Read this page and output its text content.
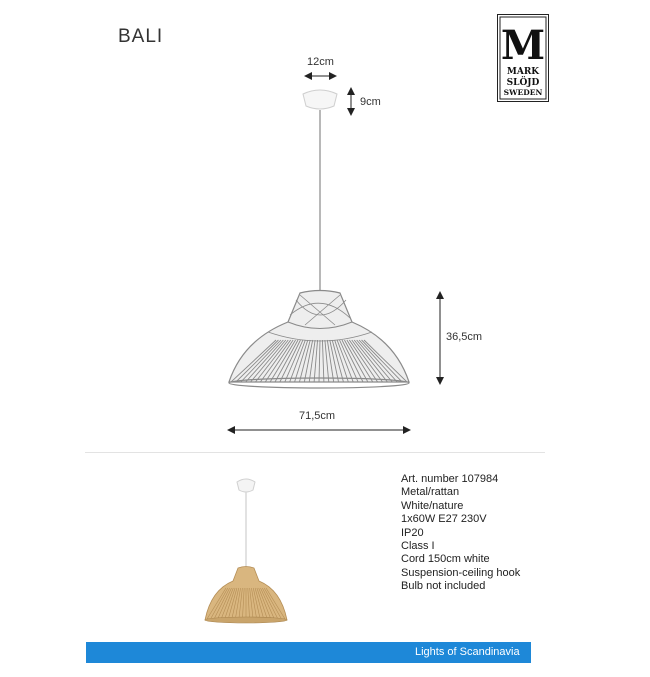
BALI	M
MARK
SLÖJD
SWEDEN
12cm
9cm
36,5cm
71,5cm
Art. number 107984
Metal/rattan
White/nature
1x60W E27 230V
IP20
Class I
Cord 150cm white
Suspension-ceiling hook
Bulb not included
Lights of Scandinavia
